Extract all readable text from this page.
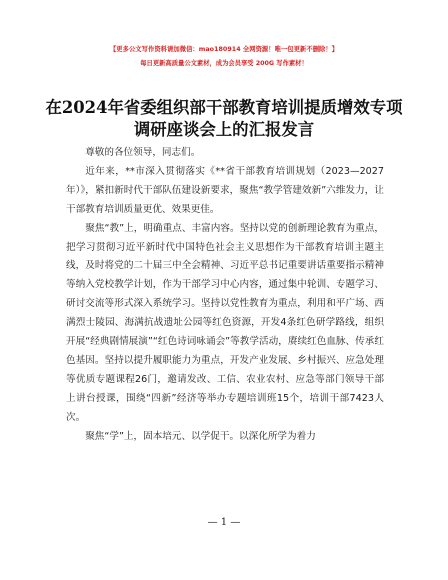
【更多公文写作资料请加微信：mao180914 全网资源！唯一包更新不删除！】
每日更新高质量公文素材，成为会员享受 200G 写作素材！
在2024年省委组织部干部教育培训提质增效专项调研座谈会上的汇报发言

尊敬的各位领导，同志们。

近年来，**市深入贯彻落实《**省干部教育培训规划（2023—2027年）》，紧扣新时代干部队伍建设新要求，聚焦“教学管建效新”六维发力，让干部教育培训质量更优、效果更佳。

聚焦“教”上，明确重点、丰富内容。坚持以党的创新理论教育为重点，把学习贯彻习近平新时代中国特色社会主义思想作为干部教育培训主题主线，及时将党的二十届三中全会精神、习近平总书记重要讲话重要指示精神等纳入党校教学计划，作为干部学习中心内容，通过集中轮训、专题学习、研讨交流等形式深入系统学习。坚持以党性教育为重点，利用和平广场、西满烈士陵园、海满抗战遗址公园等红色资源，开发4条红色研学路线，组织开展“经典剧情展演”“红色诗词咏诵会”等教学活动，赓续红色血脉、传承红色基因。坚持以提升履职能力为重点，开发产业发展、乡村振兴、应急处理等优质专题课程26门，邀请发改、工信、农业农村、应急等部门领导干部上讲台授课，围绕“四新”经济等举办专题培训班15个，培训干部7423人次。

聚焦“学”上，固本培元、以学促干。以深化所学为着力

— 1 —
